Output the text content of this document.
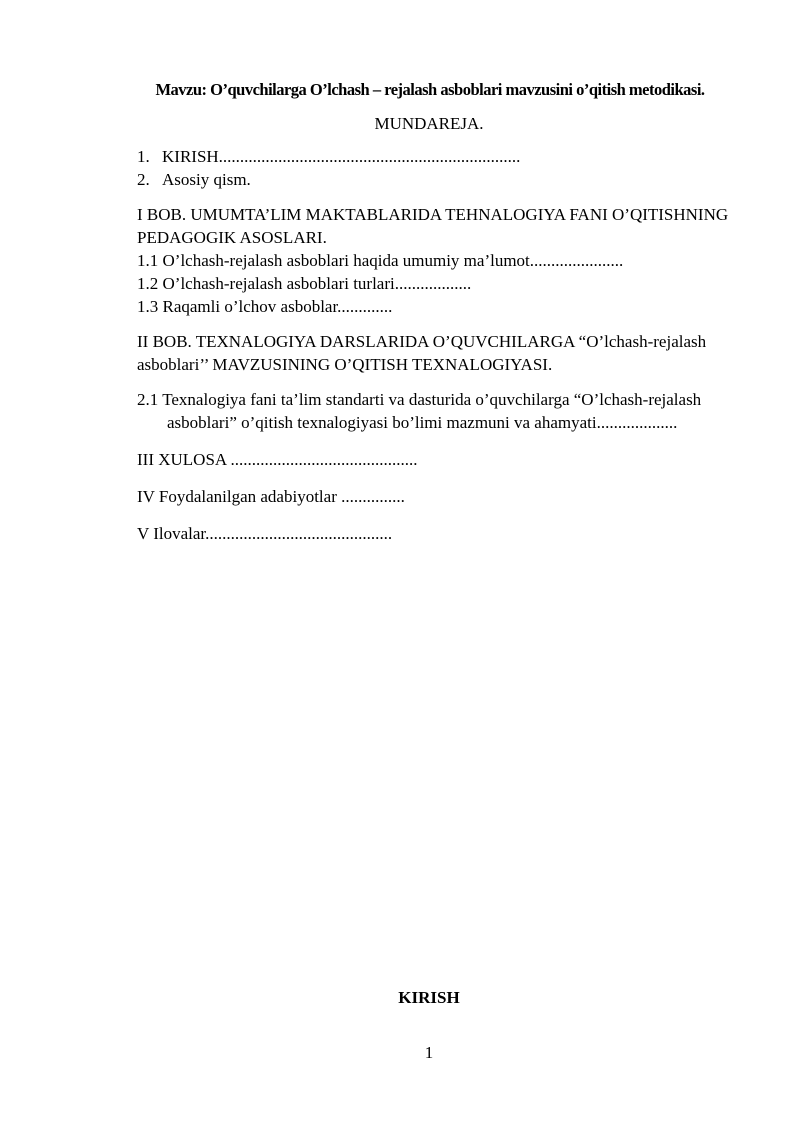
Mavzu: O’quvchilarga O’lchash – rejalash asboblari mavzusini o’qitish metodikasi.
MUNDAREJA.
1. KIRISH.......................................................................
2. Asosiy qism.
I BOB. UMUMTA’LIM MAKTABLARIDA TEHNALOGIYA FANI O’QITISHNING PEDAGOGIK ASOSLARI.
1.1 O’lchash-rejalash asboblari haqida umumiy ma’lumot......................
1.2 O’lchash-rejalash asboblari turlari..................
1.3 Raqamli o’lchov asboblar.............
II BOB. TEXNALOGIYA DARSLARIDA O’QUVCHILARGA “O’lchash-rejalash asboblari’’ MAVZUSINING O’QITISH TEXNALOGIYASI.
2.1 Texnalogiya fani ta’lim standarti va dasturida o’quvchilarga “O’lchash-rejalash asboblari” o’qitish texnalogiyasi bo’limi mazmuni va ahamyati...................
III XULOSA ............................................
IV Foydalanilgan adabiyotlar ...............
V Ilovalar............................................
KIRISH
1
